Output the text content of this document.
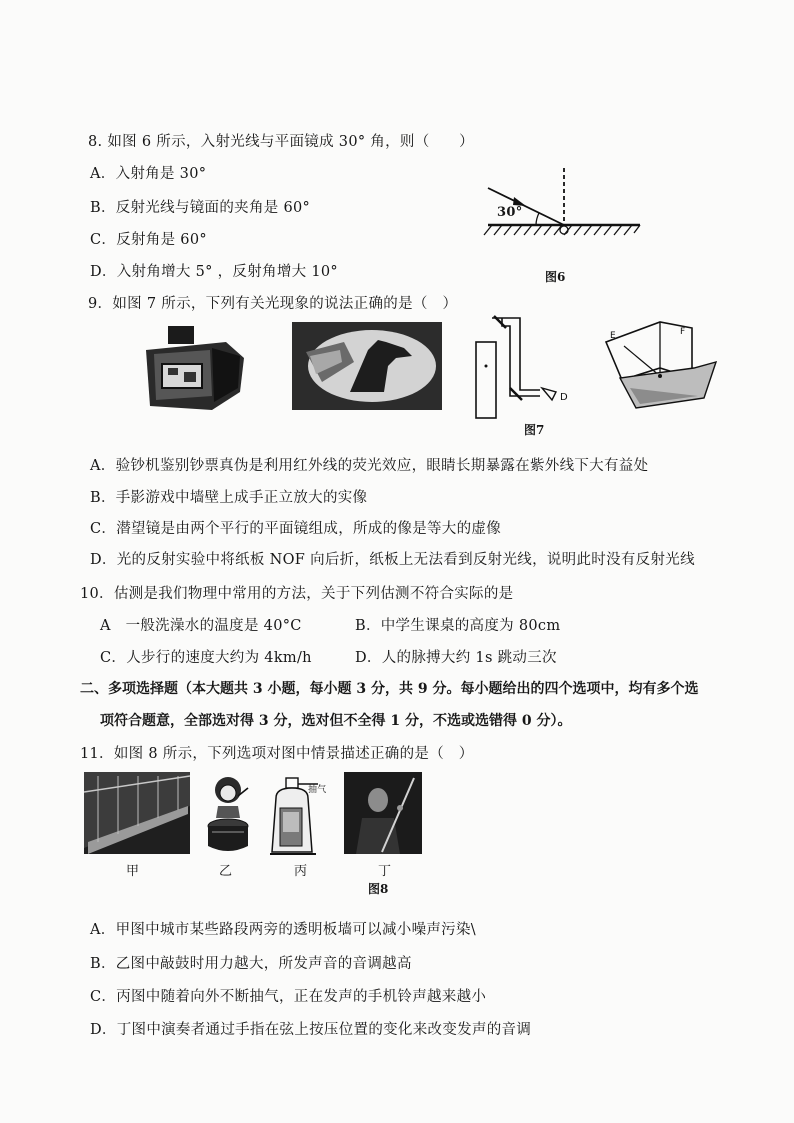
8. 如图 6 所示，入射光线与平面镜成 30° 角，则（　　）
A．入射角是 30°
B．反射光线与镜面的夹角是 60°
C．反射角是 60°
D．入射角增大 5° ，反射角增大 10°
30°
图6
9．如图 7 所示，下列有关光现象的说法正确的是（　）
D
E	F
图7
A．验钞机鉴别钞票真伪是利用红外线的荧光效应，眼睛长期暴露在紫外线下大有益处
B．手影游戏中墙壁上成手正立放大的实像
C．潜望镜是由两个平行的平面镜组成，所成的像是等大的虚像
D．光的反射实验中将纸板 NOF 向后折，纸板上无法看到反射光线，说明此时没有反射光线
10．估测是我们物理中常用的方法，关于下列估测不符合实际的是
A　一般洗澡水的温度是 40°C	B．中学生课桌的高度为 80cm
C．人步行的速度大约为 4km/h	D．人的脉搏大约 1s 跳动三次
二、多项选择题（本大题共 3 小题，每小题 3 分，共 9 分。每小题给出的四个选项中，均有多个选
项符合题意，全部选对得 3 分，选对但不全得 1 分，不选或选错得 0 分）。
11．如图 8 所示，下列选项对图中情景描述正确的是（　）
甲	乙
抽气
丙	丁
图8
A．甲图中城市某些路段两旁的透明板墙可以减小噪声污染\
B．乙图中敲鼓时用力越大，所发声音的音调越高
C．丙图中随着向外不断抽气，正在发声的手机铃声越来越小
D．丁图中演奏者通过手指在弦上按压位置的变化来改变发声的音调
